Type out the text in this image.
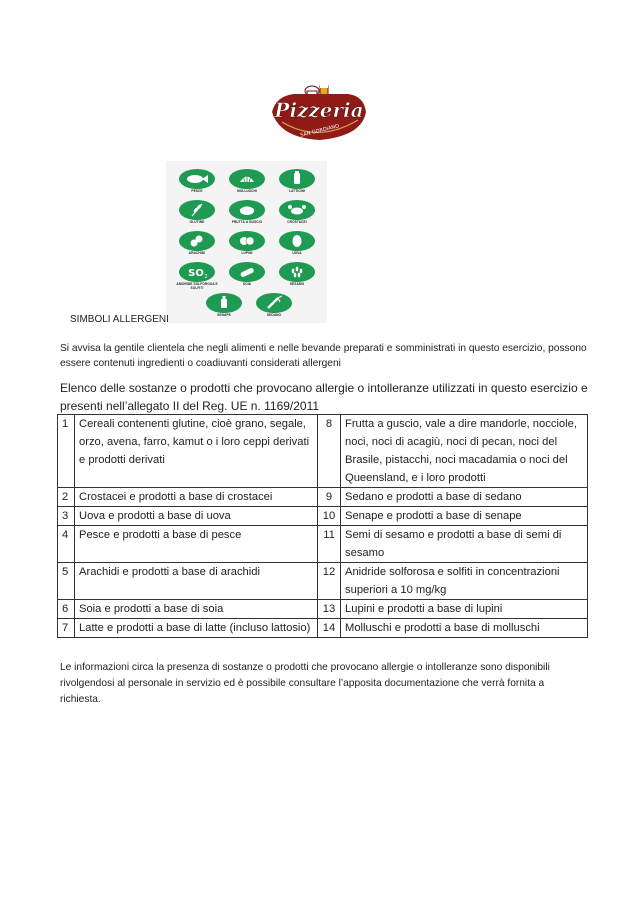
Pizzeria
SAN GORDIANO
PESCE	MOLLUSCHI	LATTICINI
GLUTINE	FRUTTA A GUSCIO	CROSTACEI
ARACHIDI	LUPINI	UOVA
SO 2
ANIDRIDE SOLFOROSA E SOLFITI
SOIA	SESAMO
SENAPE	SEDANO
SIMBOLI ALLERGENI
Si avvisa la gentile clientela che negli alimenti e nelle bevande preparati e somministrati in questo esercizio, possono essere contenuti ingredienti o coadiuvanti considerati allergeni
Elenco delle sostanze o prodotti che provocano allergie o intolleranze utilizzati in questo esercizio e presenti nell’allegato II del Reg. UE n. 1169/2011
1	Cereali contenenti glutine, cioè grano, segale, orzo, avena, farro, kamut o i loro ceppi derivati e prodotti derivati	8	Frutta a guscio, vale a dire mandorle, nocciole, noci, noci di acagiù, noci di pecan, noci del Brasile, pistacchi, noci macadamia o noci del Queensland, e i loro prodotti
2	Crostacei e prodotti a base di crostacei	9	Sedano e prodotti a base di sedano
3	Uova e prodotti a base di uova	10	Senape e prodotti a base di senape
4	Pesce e prodotti a base di pesce	11	Semi di sesamo e prodotti a base di semi di sesamo
5	Arachidi e prodotti a base di arachidi	12	Anidride solforosa e solfiti in concentrazioni superiori a 10 mg/kg
6	Soia e prodotti a base di soia	13	Lupini e prodotti a base di lupini
7	Latte e prodotti a base di latte (incluso lattosio)	14	Molluschi e prodotti a base di molluschi
Le informazioni circa la presenza di sostanze o prodotti che provocano allergie o intolleranze sono disponibili rivolgendosi al personale in servizio ed è possibile consultare l’apposita documentazione che verrà fornita a richiesta.
